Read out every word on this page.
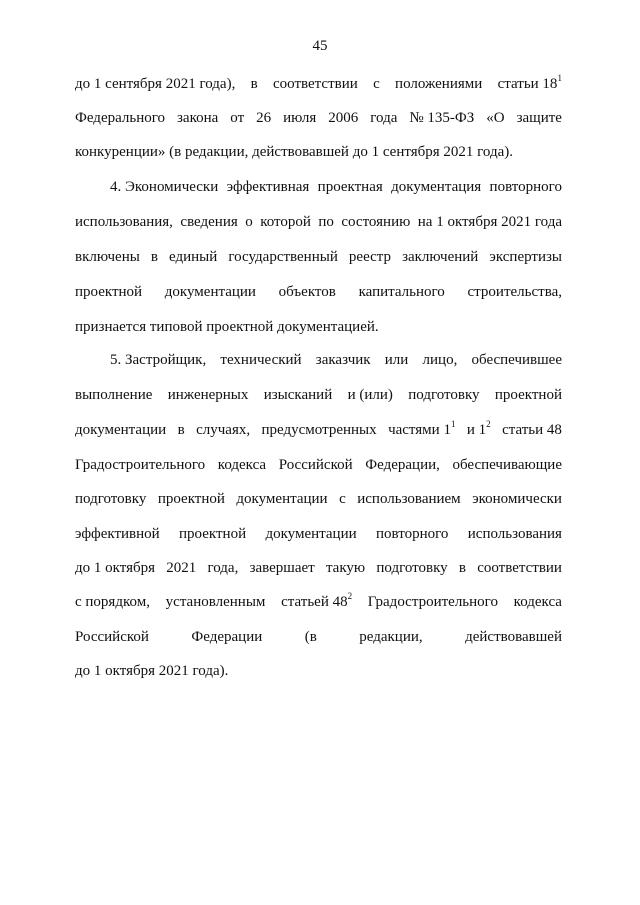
45
до 1 сентября 2021 года), в соответствии с положениями статьи $18^1$
Федерального закона от 26 июля 2006 года № 135-ФЗ «О защите
конкуренции» (в редакции, действовавшей до 1 сентября 2021 года).
4. Экономически эффективная проектная документация повторного
использования, сведения о которой по состоянию на 1 октября 2021 года
включены в единый государственный реестр заключений экспертизы
проектной документации объектов капитального строительства,
признается типовой проектной документацией.
5. Застройщик, технический заказчик или лицо, обеспечившее
выполнение инженерных изысканий и (или) подготовку проектной
документации в случаях, предусмотренных частями $1^1$ и $1^2$ статьи 48
Градостроительного кодекса Российской Федерации, обеспечивающие
подготовку проектной документации с использованием экономически
эффективной проектной документации повторного использования
до 1 октября 2021 года, завершает такую подготовку в соответствии
с порядком, установленным статьей $48^2$ Градостроительного кодекса
Российской	Федерации	(в	редакции,	действовавшей
до 1 октября 2021 года).
